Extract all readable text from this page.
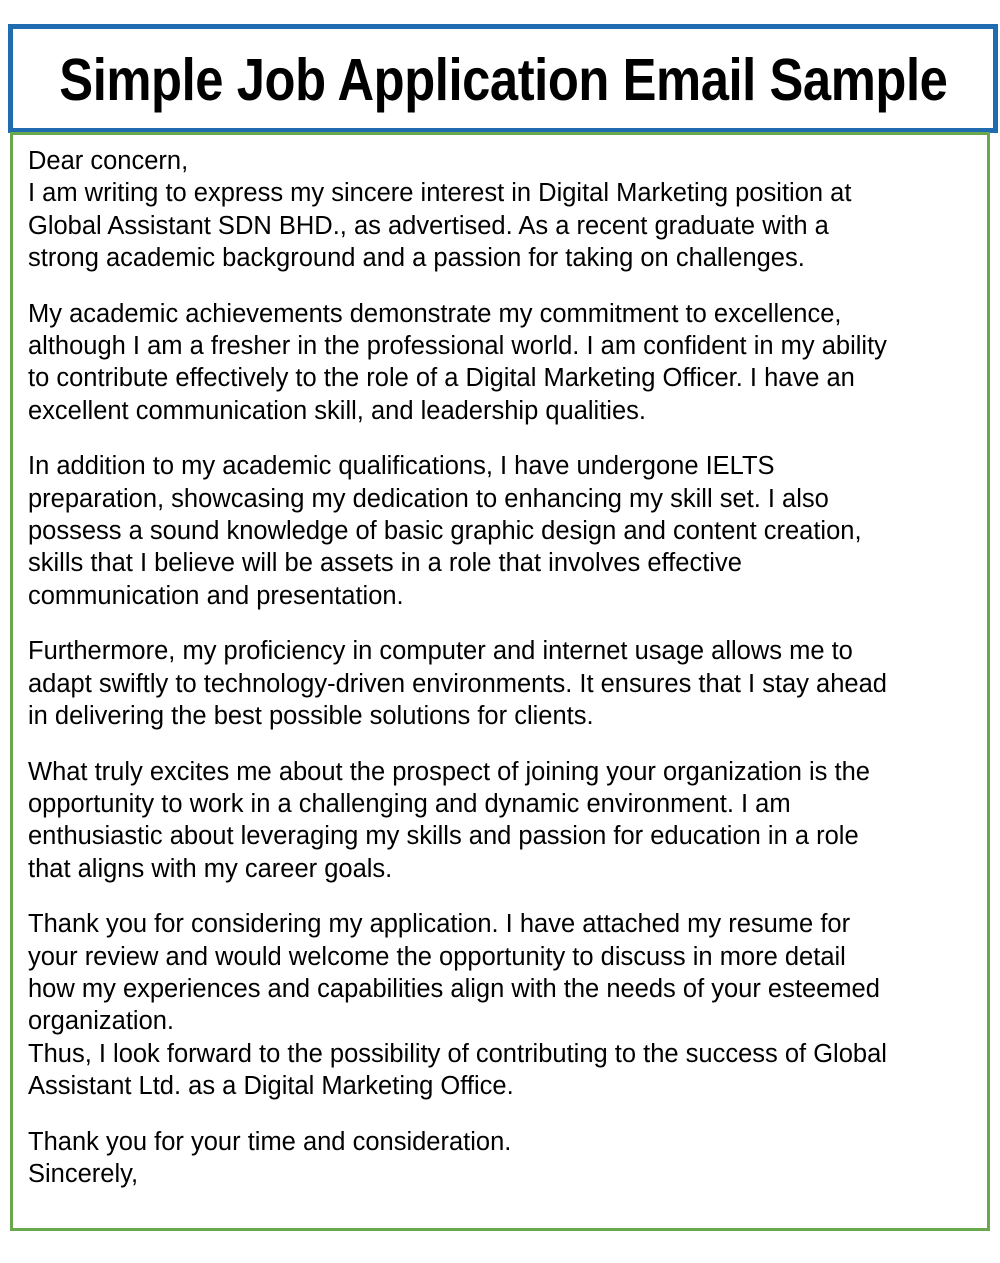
Simple Job Application Email Sample

Dear concern,
I am writing to express my sincere interest in Digital Marketing position at
Global Assistant SDN BHD., as advertised. As a recent graduate with a
strong academic background and a passion for taking on challenges.

My academic achievements demonstrate my commitment to excellence,
although I am a fresher in the professional world. I am confident in my ability
to contribute effectively to the role of a Digital Marketing Officer. I have an
excellent communication skill, and leadership qualities.

In addition to my academic qualifications, I have undergone IELTS
preparation, showcasing my dedication to enhancing my skill set. I also
possess a sound knowledge of basic graphic design and content creation,
skills that I believe will be assets in a role that involves effective
communication and presentation.

Furthermore, my proficiency in computer and internet usage allows me to
adapt swiftly to technology-driven environments. It ensures that I stay ahead
in delivering the best possible solutions for clients.

What truly excites me about the prospect of joining your organization is the
opportunity to work in a challenging and dynamic environment. I am
enthusiastic about leveraging my skills and passion for education in a role
that aligns with my career goals.

Thank you for considering my application. I have attached my resume for
your review and would welcome the opportunity to discuss in more detail
how my experiences and capabilities align with the needs of your esteemed
organization.
Thus, I look forward to the possibility of contributing to the success of Global
Assistant Ltd. as a Digital Marketing Office.

Thank you for your time and consideration.
Sincerely,
